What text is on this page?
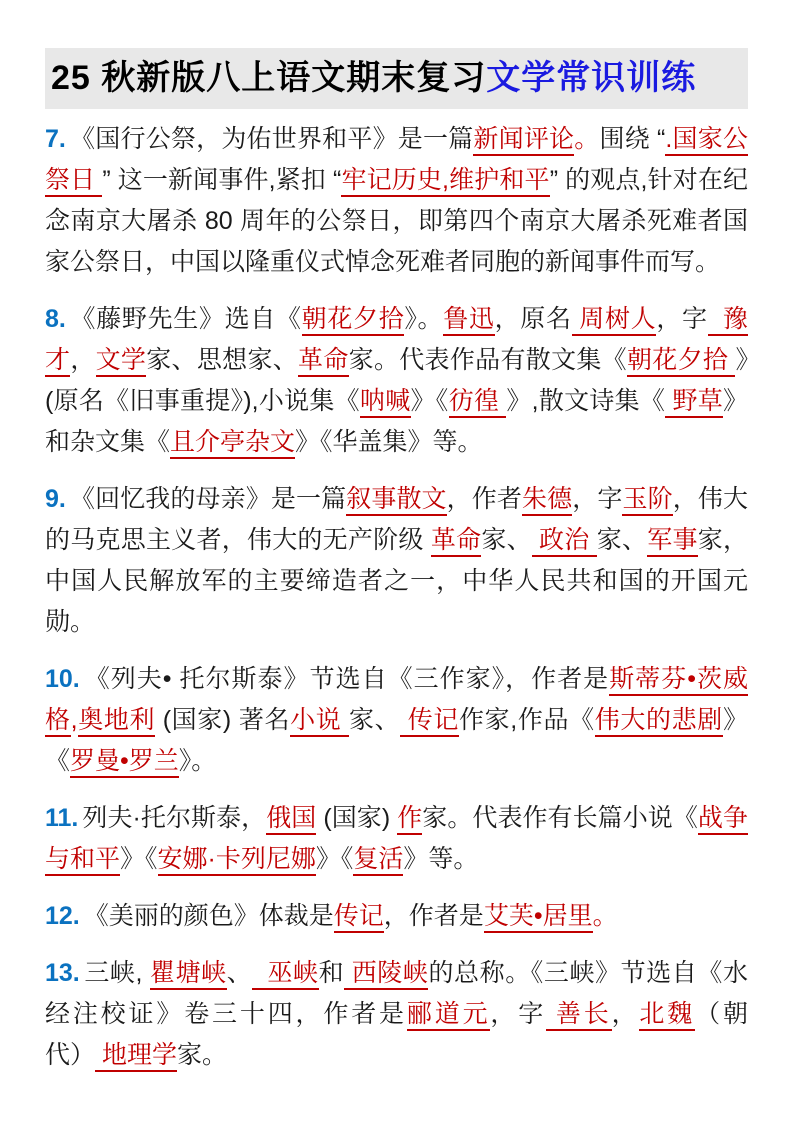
25 秋新版八上语文期末复习文学常识训练

7. 《国行公祭，为佑世界和平》是一篇新闻评论。围绕 “.国家公祭日 ” 这一新闻事件,紧扣 “牢记历史,维护和平” 的观点,针对在纪念南京大屠杀 80 周年的公祭日，即第四个南京大屠杀死难者国家公祭日，中国以隆重仪式悼念死难者同胞的新闻事件而写。

8. 《藤野先生》选自《朝花夕拾》。鲁迅，原名 周树人，字  豫才，文学家、思想家、革命家。代表作品有散文集《朝花夕拾 》(原名《旧事重提》),小说集《呐喊》《彷徨 》,散文诗集《 野草》和杂文集《且介亭杂文》《华盖集》等。

9. 《回忆我的母亲》是一篇叙事散文，作者朱德，字玉阶，伟大的马克思主义者，伟大的无产阶级 革命家、 政治 家、军事家，中国人民解放军的主要缔造者之一，中华人民共和国的开国元勋。

10. 《列夫• 托尔斯泰》节选自《三作家》，作者是斯蒂芬•茨威格,奥地利 (国家) 著名小说 家、 传记作家,作品《伟大的悲剧》《罗曼•罗兰》。

11. 列夫·托尔斯泰，俄国 (国家) 作家。代表作有长篇小说《战争与和平》《安娜·卡列尼娜》《复活》等。

12. 《美丽的颜色》体裁是传记，作者是艾芙•居里。

13. 三峡, 瞿塘峡、  巫峡和 西陵峡的总称。《三峡》节选自《水经注校证》卷三十四，作者是郦道元，字 善长，北魏（朝代） 地理学家。
